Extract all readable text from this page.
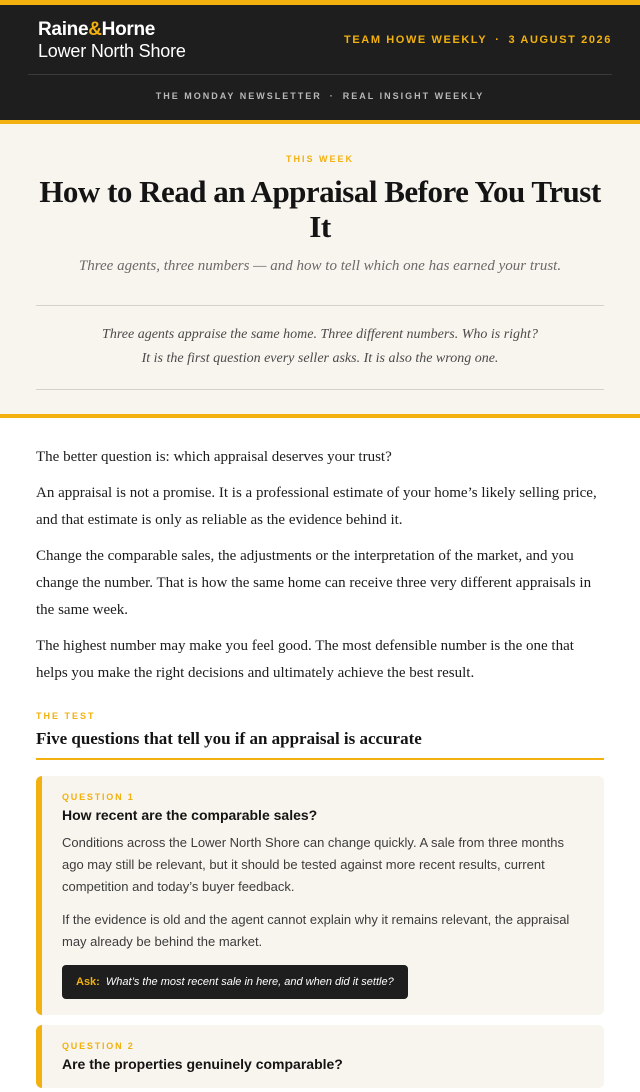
Raine&Horne
Lower North Shore
TEAM HOWE WEEKLY · 3 AUGUST 2026
THE MONDAY NEWSLETTER · REAL INSIGHT WEEKLY
THIS WEEK
How to Read an Appraisal Before You Trust It

Three agents, three numbers — and how to tell which one has earned your trust.

Three agents appraise the same home. Three different numbers. Who is right?

It is the first question every seller asks. It is also the wrong one.

The better question is: which appraisal deserves your trust?

An appraisal is not a promise. It is a professional estimate of your home’s likely selling price, and that estimate is only as reliable as the evidence behind it.

Change the comparable sales, the adjustments or the interpretation of the market, and you change the number. That is how the same home can receive three very different appraisals in the same week.

The highest number may make you feel good. The most defensible number is the one that helps you make the right decisions and ultimately achieve the best result.

THE TEST
Five questions that tell you if an appraisal is accurate
QUESTION 1
How recent are the comparable sales?

Conditions across the Lower North Shore can change quickly. A sale from three months ago may still be relevant, but it should be tested against more recent results, current competition and today’s buyer feedback.

If the evidence is old and the agent cannot explain why it remains relevant, the appraisal may already be behind the market.

Ask: What’s the most recent sale in here, and when did it settle?
QUESTION 2
Are the properties genuinely comparable?
